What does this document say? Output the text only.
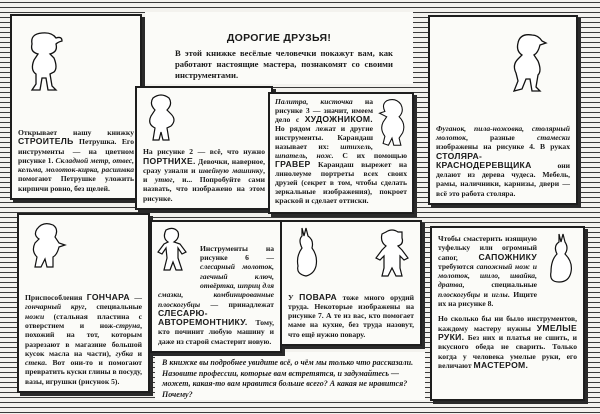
ДОРОГИЕ ДРУЗЬЯ!
В этой книжке весёлые человечки покажут вам, как работают настоящие мастера, познакомят со своими инструментами.
В книжке вы подробнее увидите всё, о чём мы только что рассказали. Назовите профессии, которые вам встретятся, и задумайтесь — может, какая-то вам нравится больше всего? А какая не нравится? Почему?

Открывает нашу книжку СТРОИТЕЛЬ Петрушка. Его инструменты — на цветном рисунке 1. Складной метр, отвес, кельма, молоток-кирка, расшивка помогают Петрушке уложить кирпичи ровно, без щелей.

На рисунке 2 — всё, что нужно ПОРТНИХЕ. Девочки, наверное, сразу узнали и швейную машинку, и утюг, и... Попробуйте сами назвать, что изображено на этом рисунке.

Палитра, кисточка на рисунке 3 — значит, имеем дело с ХУДОЖНИКОМ. Но рядом лежат и другие инструменты. Карандаш называет их: штихель, шпатель, нож. С их помощью ГРАВЕР Карандаш вырежет на линолеуме портреты всех своих друзей (секрет в том, чтобы сделать зеркальные изображения), покроет краской и сделает оттиски.

Фуганок, пила-ножовка, столярный молоток, разные стамески изображены на рисунке 4. В руках СТОЛЯРА-КРАСНОДЕРЕВЩИКА они делают из дерева чудеса. Мебель, рамы, наличники, карнизы, двери — всё это работа столяра.

Приспособления ГОНЧАРА — гончарный круг, специальные ножи (стальная пластина с отверстием и нож-струна, похожий на тот, которым разрезают в магазине большой кусок масла на части), губка и стека. Вот они-то и помогают превратить куски глины в посуду, вазы, игрушки (рисунок 5).

Инструменты на рисунке 6 — слесарный молоток, гаечный ключ, отвёртка, шприц для смазки, комбинированные плоскогубцы — принадлежат СЛЕСАРЮ-АВТОРЕМОНТНИКУ. Тому, кто починит любую машину и даже из старой смастерит новую.

У ПОВАРА тоже много орудий труда. Некоторые изображены на рисунке 7. А те из вас, кто помогает маме на кухне, без труда назовут, что ещё нужно повару.

Чтобы смастерить изящную туфельку или огромный сапог, САПОЖНИКУ требуются сапожный нож и молоток, шило, швайка, дратва, специальные плоскогубцы и иглы. Ищите их на рисунке 8.

Но сколько бы ни было инструментов, каждому мастеру нужны УМЕЛЫЕ РУКИ. Без них и платья не сшить, и вкусного обеда не сварить. Только когда у человека умелые руки, его величают МАСТЕРОМ.
